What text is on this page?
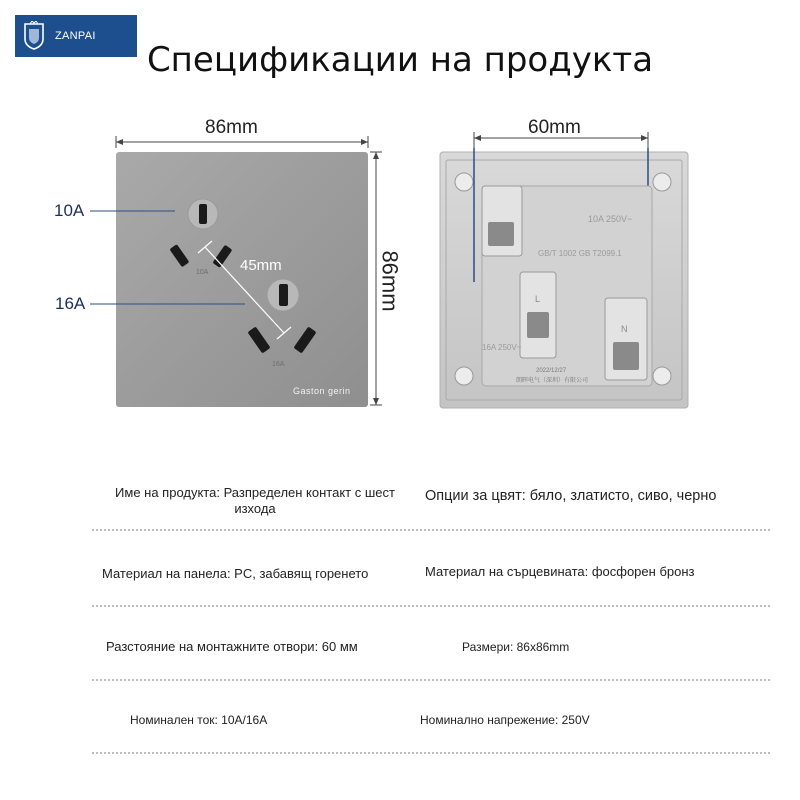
ZANPAI
Спецификации на продукта
10A
16A
Gaston gerin
10A 250V~
GB/T 1002 GB T2099.1
L
N
16A 250V~
2022/12/27
朗晖电气（深圳）有限公司
45mm
86mm	60mm
86mm
10A
16A
Име на продукта: Разпределен контакт с шест изхода
Опции за цвят: бяло, златисто, сиво, черно
Материал на панела: PC, забавящ горенето	Материал на сърцевината: фосфорен бронз
Разстояние на монтажните отвори: 60 мм	Размери: 86x86mm
Номинален ток: 10A/16A	Номинално напрежение: 250V
